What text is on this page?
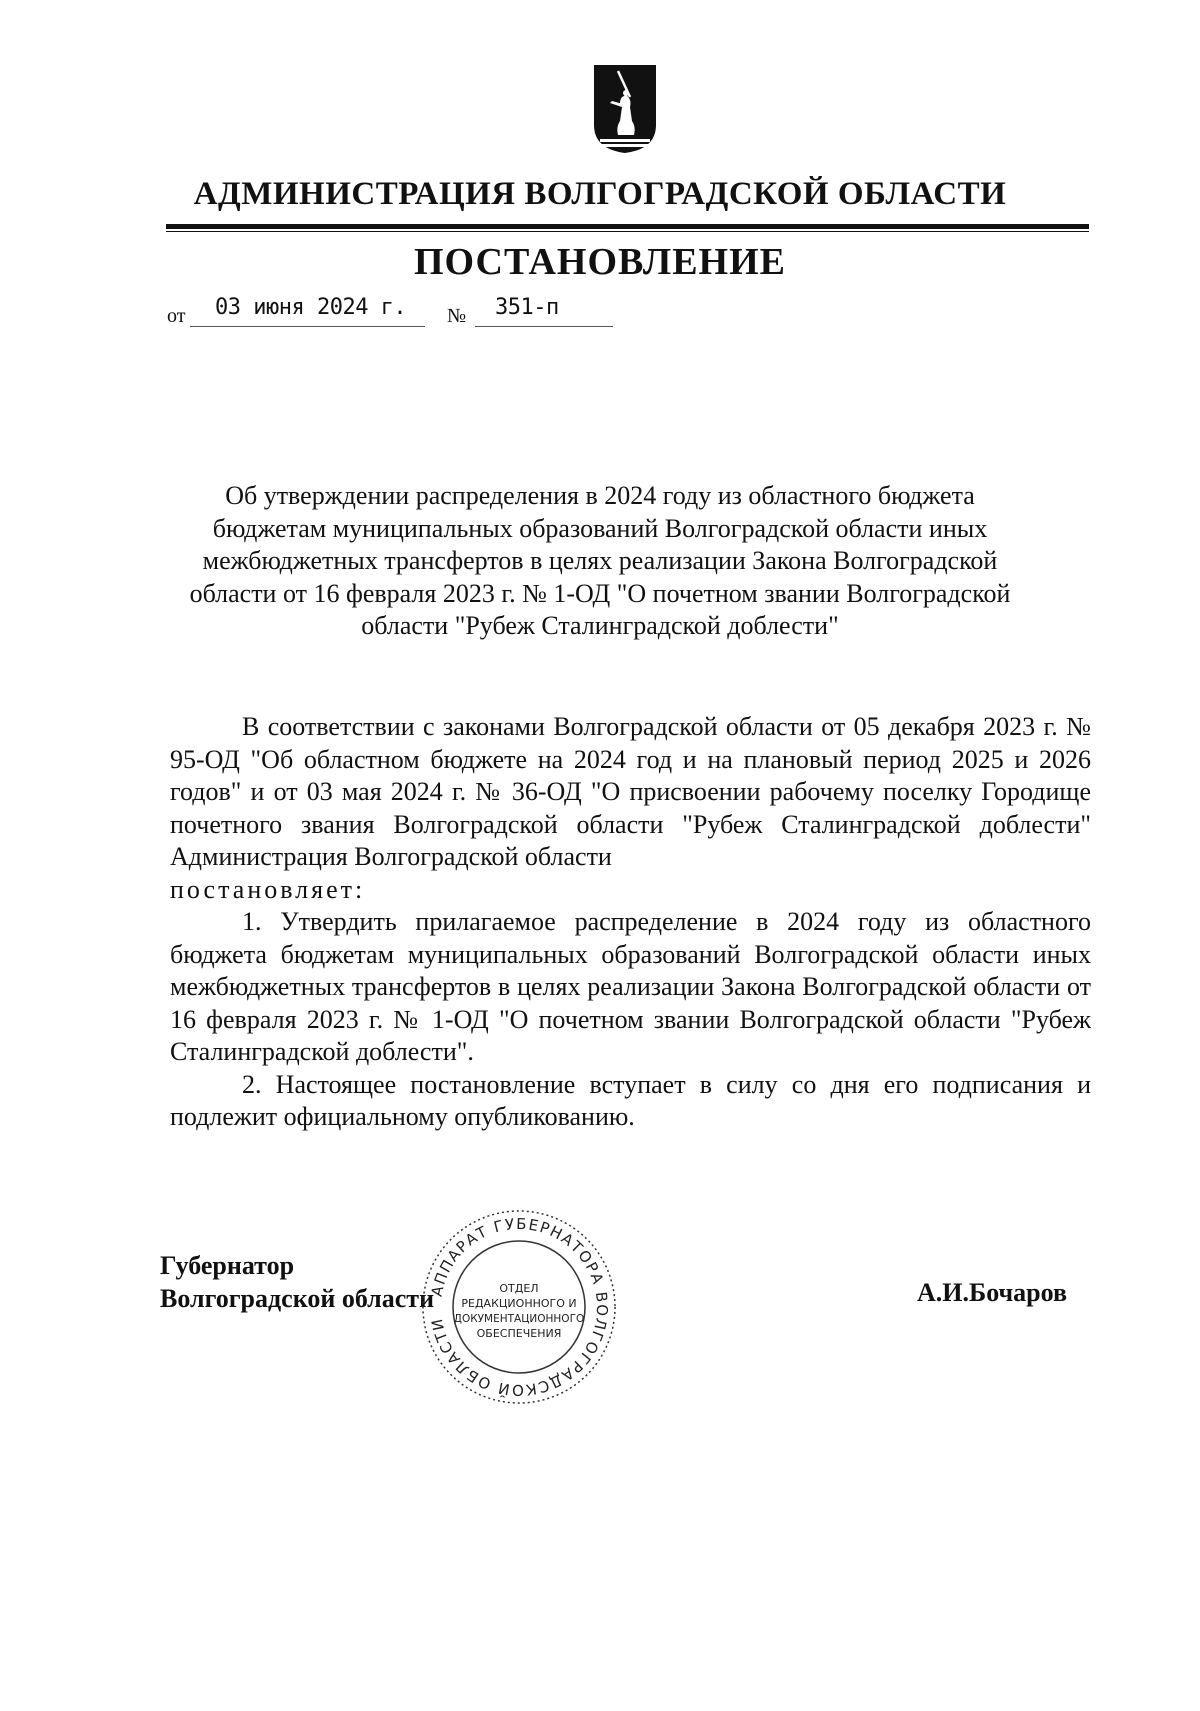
АДМИНИСТРАЦИЯ ВОЛГОГРАДСКОЙ ОБЛАСТИ
ПОСТАНОВЛЕНИЕ
от 03 июня 2024 г. № 351-п
Об утверждении распределения в 2024 году из областного бюджета
бюджетам муниципальных образований Волгоградской области иных
межбюджетных трансфертов в целях реализации Закона Волгоградской
области от 16 февраля 2023 г. № 1-ОД "О почетном звании Волгоградской
области "Рубеж Сталинградской доблести"

В соответствии с законами Волгоградской области от 05 декабря 2023 г. № 95-ОД "Об областном бюджете на 2024 год и на плановый период 2025 и 2026 годов" и от 03 мая 2024 г. № 36-ОД "О присвоении рабочему поселку Городище почетного звания Волгоградской области "Рубеж Сталинградской доблести" Администрация Волгоградской области

постановляет:

1. Утвердить прилагаемое распределение в 2024 году из областного бюджета бюджетам муниципальных образований Волгоградской области иных межбюджетных трансфертов в целях реализации Закона Волгоградской области от 16 февраля 2023 г. № 1-ОД "О почетном звании Волгоградской области "Рубеж Сталинградской доблести".

2. Настоящее постановление вступает в силу со дня его подписания и подлежит официальному опубликованию.

Губернатор
Волгоградской области	А.И.Бочаров
АППАРАТ ГУБЕРНАТОРА ВОЛГОГРАДСКОЙ ОБЛАСТИ
ОТДЕЛ
РЕДАКЦИОННОГО И
ДОКУМЕНТАЦИОННОГО
ОБЕСПЕЧЕНИЯ
